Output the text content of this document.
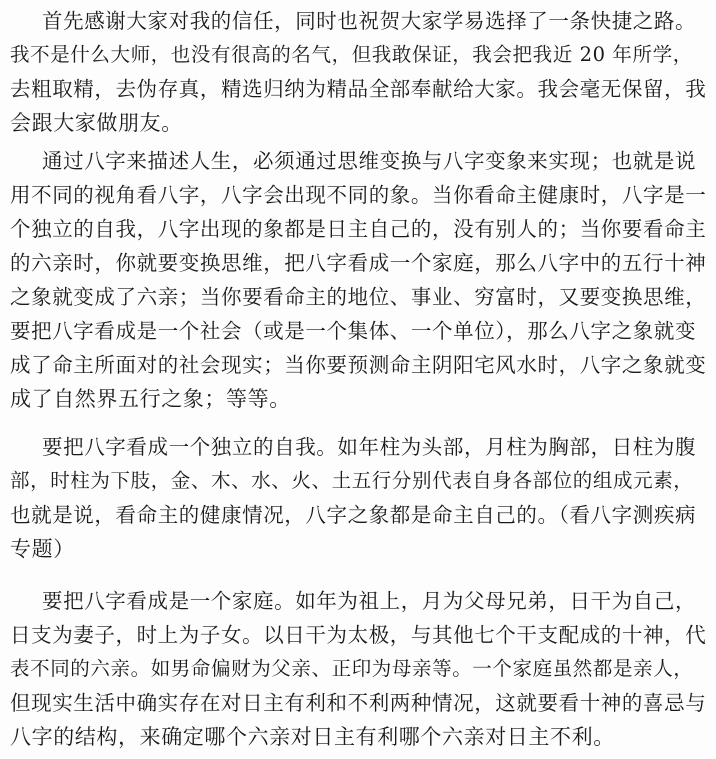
首先感谢大家对我的信任，同时也祝贺大家学易选择了一条快捷之路。
我不是什么大师，也没有很高的名气，但我敢保证，我会把我近 20 年所学，
去粗取精，去伪存真，精选归纳为精品全部奉献给大家。我会毫无保留，我
会跟大家做朋友。
通过八字来描述人生，必须通过思维变换与八字变象来实现；也就是说
用不同的视角看八字，八字会出现不同的象。当你看命主健康时，八字是一
个独立的自我，八字出现的象都是日主自己的，没有别人的；当你要看命主
的六亲时，你就要变换思维，把八字看成一个家庭，那么八字中的五行十神
之象就变成了六亲；当你要看命主的地位、事业、穷富时，又要变换思维，
要把八字看成是一个社会（或是一个集体、一个单位），那么八字之象就变
成了命主所面对的社会现实；当你要预测命主阴阳宅风水时，八字之象就变
成了自然界五行之象；等等。
要把八字看成一个独立的自我。如年柱为头部，月柱为胸部，日柱为腹
部，时柱为下肢，金、木、水、火、土五行分别代表自身各部位的组成元素，
也就是说，看命主的健康情况，八字之象都是命主自己的。（看八字测疾病
专题）
要把八字看成是一个家庭。如年为祖上，月为父母兄弟，日干为自己，
日支为妻子，时上为子女。以日干为太极，与其他七个干支配成的十神，代
表不同的六亲。如男命偏财为父亲、正印为母亲等。一个家庭虽然都是亲人，
但现实生活中确实存在对日主有利和不利两种情况，这就要看十神的喜忌与
八字的结构，来确定哪个六亲对日主有利哪个六亲对日主不利。
